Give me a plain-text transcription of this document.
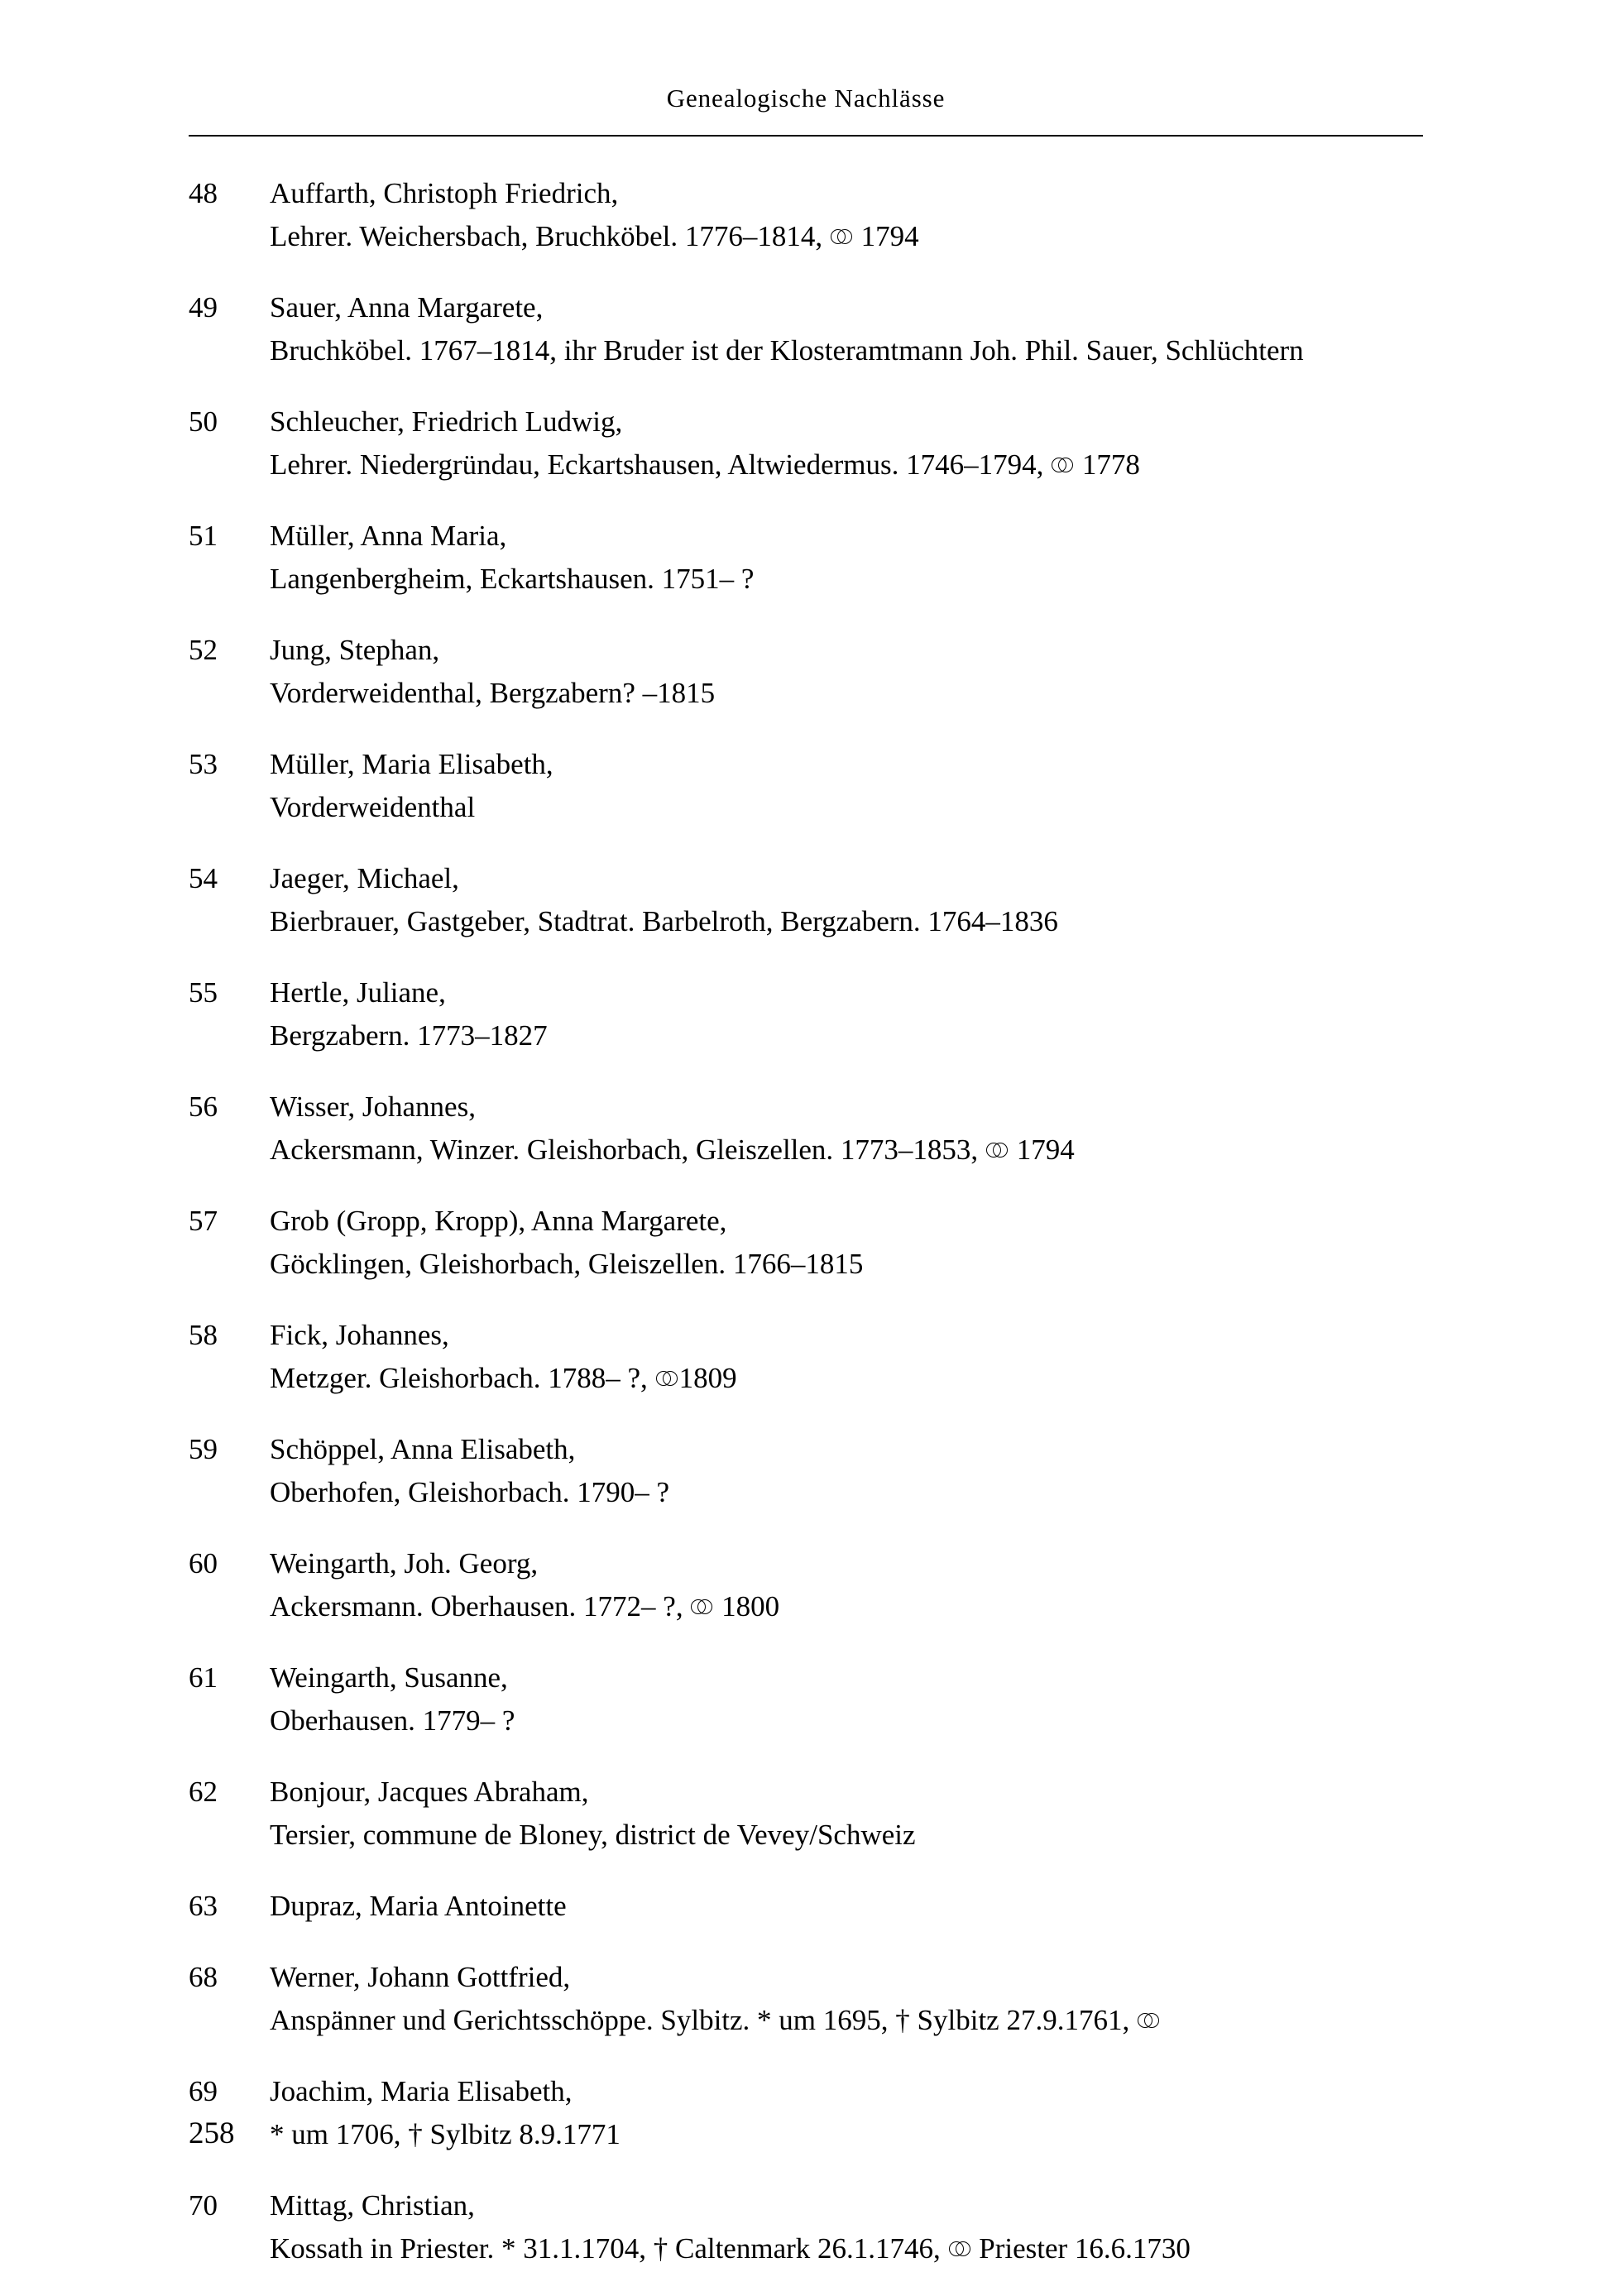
Genealogische Nachlässe
48	Auffarth, Christoph Friedrich,
Lehrer. Weichersbach, Bruchköbel. 1776–1814,
1794
49	Sauer, Anna Margarete,
Bruchköbel. 1767–1814, ihr Bruder ist der Klosteramtmann Joh. Phil. Sauer, Schlüchtern
50	Schleucher, Friedrich Ludwig,
Lehrer. Niedergründau, Eckartshausen, Altwiedermus. 1746–1794,
1778
51	Müller, Anna Maria,
Langenbergheim, Eckartshausen. 1751– ?
52	Jung, Stephan,
Vorderweidenthal, Bergzabern? –1815
53	Müller, Maria Elisabeth,
Vorderweidenthal
54	Jaeger, Michael,
Bierbrauer, Gastgeber, Stadtrat. Barbelroth, Bergzabern. 1764–1836
55	Hertle, Juliane,
Bergzabern. 1773–1827
56	Wisser, Johannes,
Ackersmann, Winzer. Gleishorbach, Gleiszellen. 1773–1853,
1794
57	Grob (Gropp, Kropp), Anna Margarete,
Göcklingen, Gleishorbach, Gleiszellen. 1766–1815
58	Fick, Johannes,
Metzger. Gleishorbach. 1788– ?,
1809
59	Schöppel, Anna Elisabeth,
Oberhofen, Gleishorbach. 1790– ?
60	Weingarth, Joh. Georg,
Ackersmann. Oberhausen. 1772– ?,
1800
61	Weingarth, Susanne,
Oberhausen. 1779– ?
62	Bonjour, Jacques Abraham,
Tersier, commune de Bloney, district de Vevey/Schweiz
63	Dupraz, Maria Antoinette
68	Werner, Johann Gottfried,
Anspänner und Gerichtsschöppe. Sylbitz. * um 1695, † Sylbitz 27.9.1761,
69	Joachim, Maria Elisabeth,
* um 1706, † Sylbitz 8.9.1771
70	Mittag, Christian,
Kossath in Priester. * 31.1.1704, † Caltenmark 26.1.1746,
Priester 16.6.1730
258
